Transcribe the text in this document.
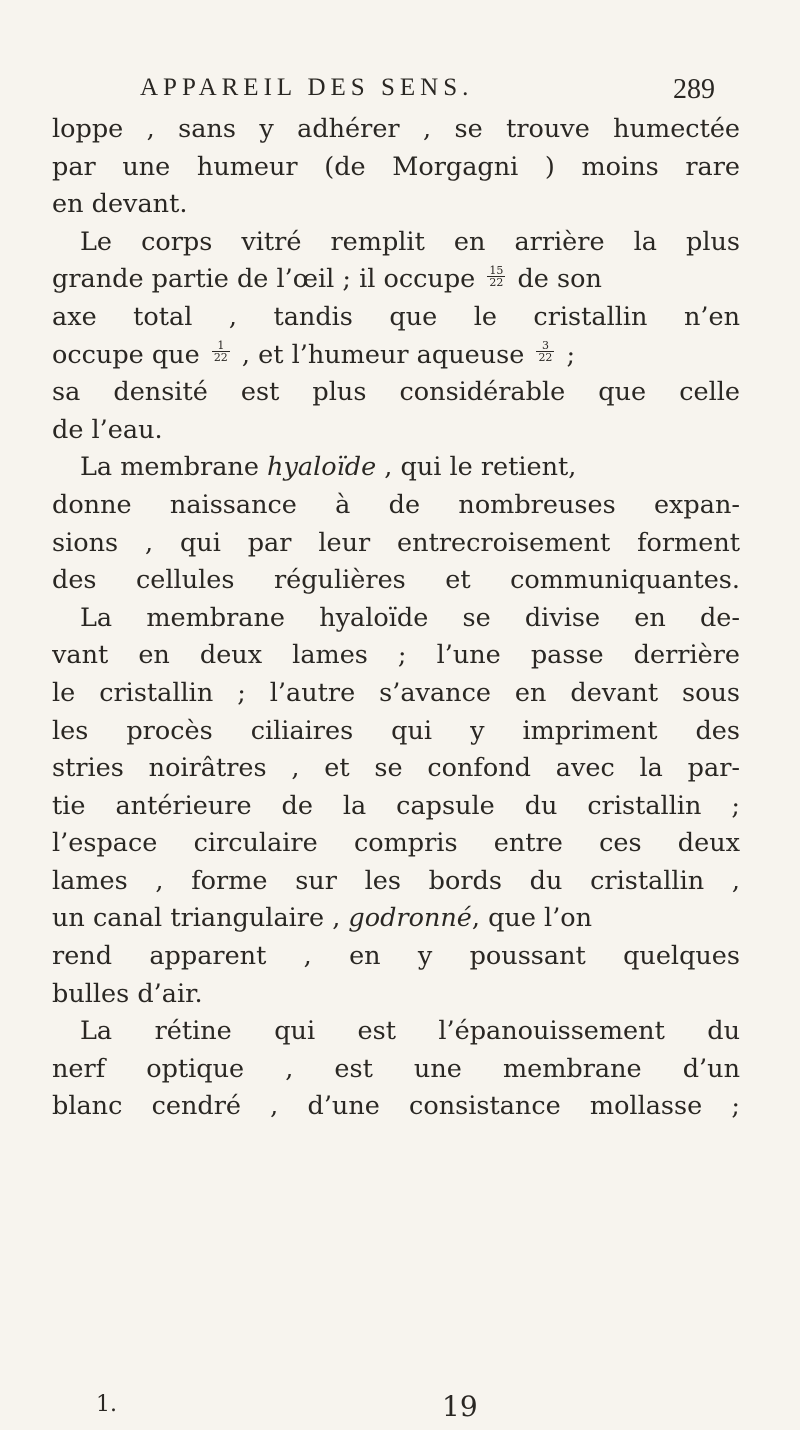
APPAREIL DES SENS.	289
loppe , sans y adhérer , se trouve humectée
par une humeur (de Morgagni ) moins rare
en devant.
Le corps vitré remplit en arrière la plus
grande partie de l’œil ; il occupe $\frac{15}{22}$ de son
axe total , tandis que le cristallin n’en
occupe que $\frac{1}{22}$ , et l’humeur aqueuse $\frac{3}{22}$ ;
sa densité est plus considérable que celle
de l’eau.
La membrane hyaloïde , qui le retient,
donne naissance à de nombreuses expan-
sions , qui par leur entrecroisement forment
des cellules régulières et communiquantes.
La membrane hyaloïde se divise en de-
vant en deux lames ; l’une passe derrière
le cristallin ; l’autre s’avance en devant sous
les procès ciliaires qui y impriment des
stries noirâtres , et se confond avec la par-
tie antérieure de la capsule du cristallin ;
l’espace circulaire compris entre ces deux
lames , forme sur les bords du cristallin ,
un canal triangulaire , godronné, que l’on
rend apparent , en y poussant quelques
bulles d’air.
La rétine qui est l’épanouissement du
nerf optique , est une membrane d’un
blanc cendré , d’une consistance mollasse ;
1.	19
